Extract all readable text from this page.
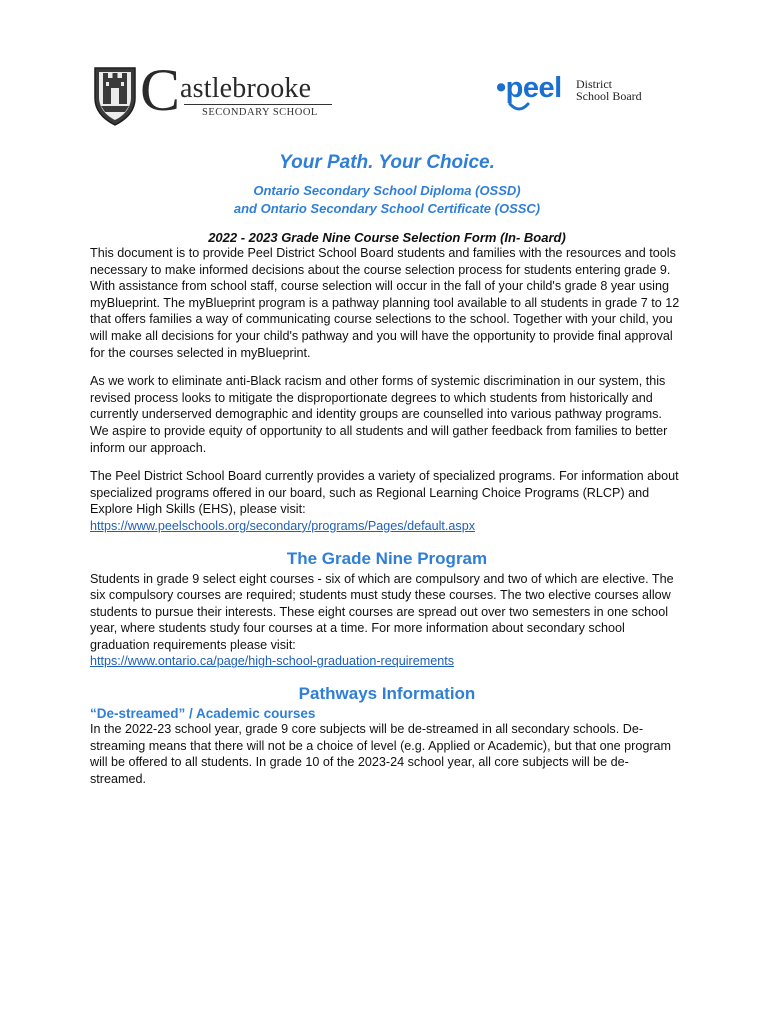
C astlebrooke
SECONDARY SCHOOL
•peel District
School Board
Your Path. Your Choice.
Ontario Secondary School Diploma (OSSD)
and Ontario Secondary School Certificate (OSSC)
2022 - 2023 Grade Nine Course Selection Form (In- Board)

This document is to provide Peel District School Board students and families with the resources and tools necessary to make informed decisions about the course selection process for students entering grade 9. With assistance from school staff, course selection will occur in the fall of your child's grade 8 year using myBlueprint. The myBlueprint program is a pathway planning tool available to all students in grade 7 to 12 that offers families a way of communicating course selections to the school. Together with your child, you will make all decisions for your child's pathway and you will have the opportunity to provide final approval for the courses selected in myBlueprint.

As we work to eliminate anti-Black racism and other forms of systemic discrimination in our system, this revised process looks to mitigate the disproportionate degrees to which students from historically and currently underserved demographic and identity groups are counselled into various pathway programs. We aspire to provide equity of opportunity to all students and will gather feedback from families to better inform our approach.

The Peel District School Board currently provides a variety of specialized programs. For information about specialized programs offered in our board, such as Regional Learning Choice Programs (RLCP) and Explore High Skills (EHS), please visit:
https://www.peelschools.org/secondary/programs/Pages/default.aspx

The Grade Nine Program

Students in grade 9 select eight courses - six of which are compulsory and two of which are elective. The six compulsory courses are required; students must study these courses. The two elective courses allow students to pursue their interests. These eight courses are spread out over two semesters in one school year, where students study four courses at a time. For more information about secondary school graduation requirements please visit:
https://www.ontario.ca/page/high-school-graduation-requirements

Pathways Information
“De-streamed” / Academic courses

In the 2022-23 school year, grade 9 core subjects will be de-streamed in all secondary schools. De-streaming means that there will not be a choice of level (e.g. Applied or Academic), but that one program will be offered to all students. In grade 10 of the 2023-24 school year, all core subjects will be de-streamed.
